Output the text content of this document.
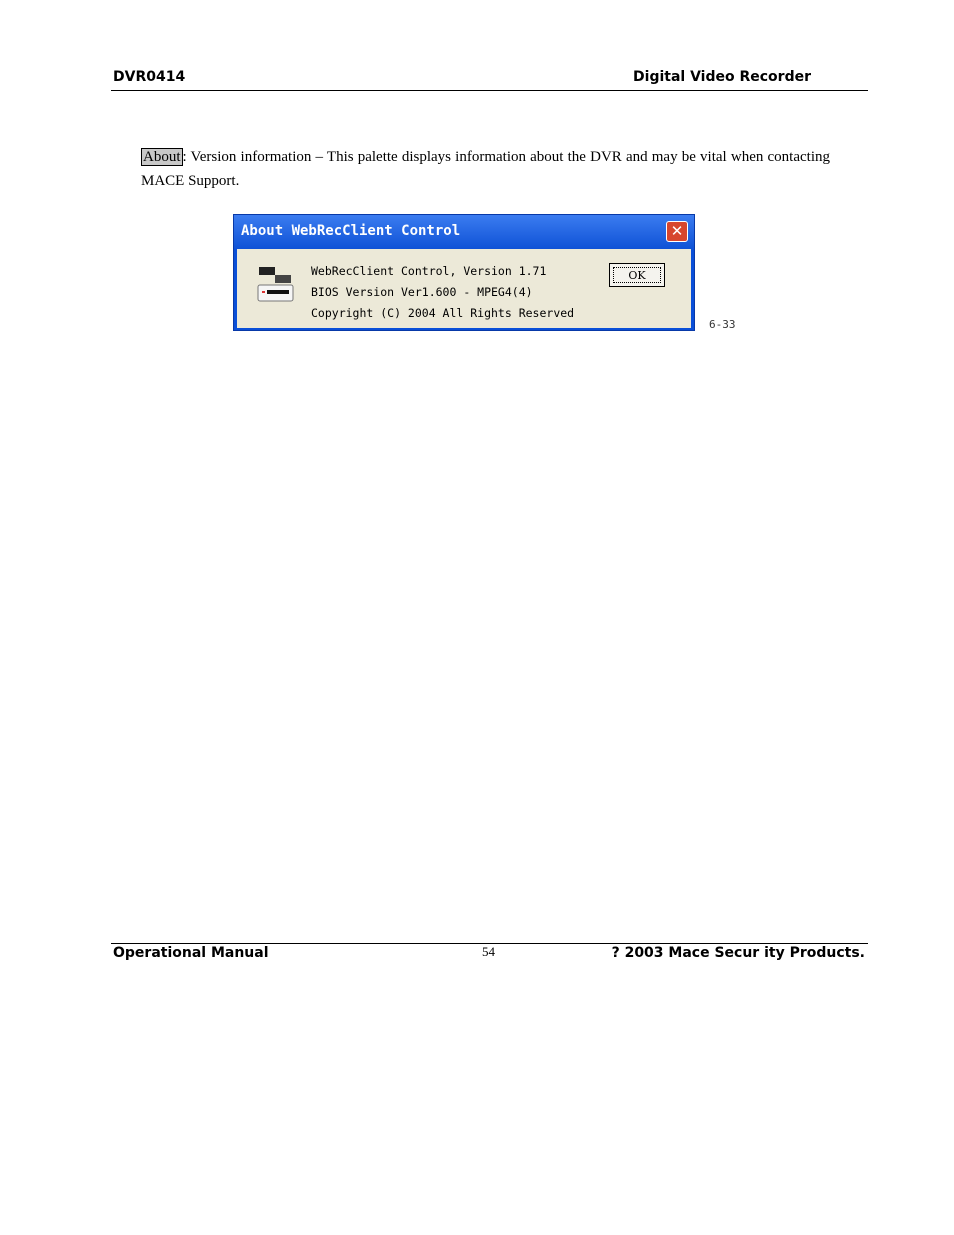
DVR0414	Digital Video Recorder
About : Version information – This palette displays information about the DVR and may be vital when contacting MACE Support.
About WebRecClient Control	✕
WebRecClient Control, Version 1.71
BIOS Version Ver1.600 - MPEG4(4)
Copyright (C) 2004 All Rights Reserved
OK
6-33
Operational Manual	54	? 2003 Mace Secur ity Products.
